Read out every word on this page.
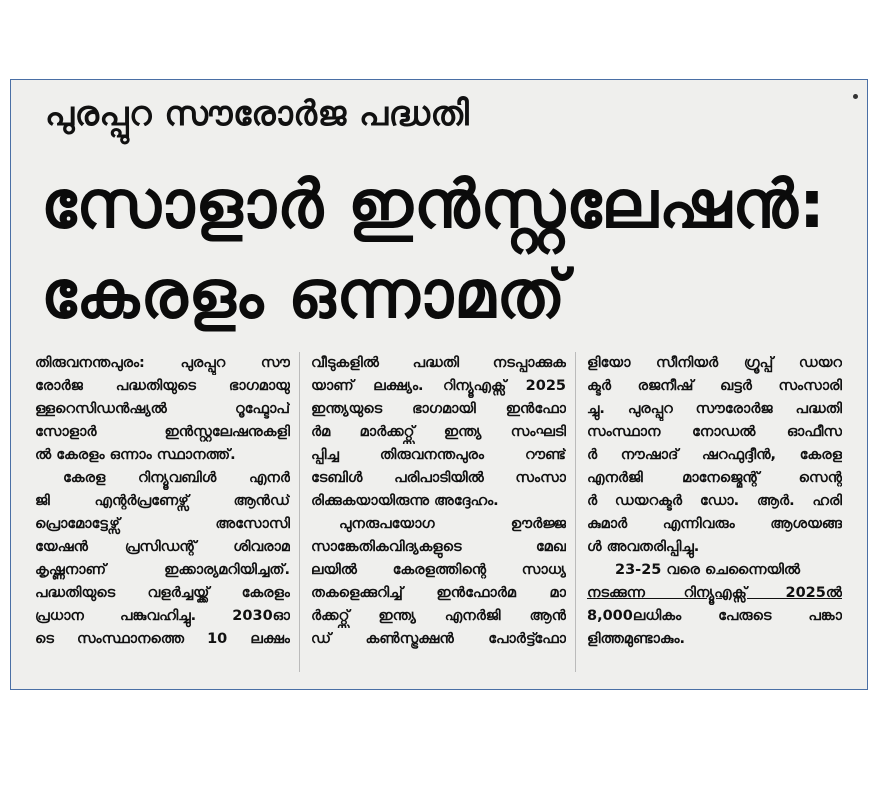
പുരപ്പുറ സൗരോർജ പദ്ധതി
സോളാർ ഇൻസ്റ്റലേഷൻ:
കേരളം ഒന്നാമത്
തിരുവനന്തപുരം: പുരപ്പുറ സൗ
രോർജ പദ്ധതിയുടെ ഭാഗമായു
ള്ളറെസിഡൻഷ്യൽ റൂഫ്ടോപ്
സോളാർ ഇൻസ്റ്റലേഷനുകളി
ൽ കേരളം ഒന്നാം സ്ഥാനത്ത്.
കേരള റിന്യൂവബിൾ എനർ
ജി എന്റർപ്രണേഴ്സ് ആൻഡ്
പ്രൊമോട്ടേഴ്സ് അസോസി
യേഷൻ പ്രസിഡന്റ് ശിവരാമ
കൃഷ്ണനാണ് ഇക്കാര്യമറിയിച്ചത്.
പദ്ധതിയുടെ വളർച്ചയ്ക്ക് കേരളം
പ്രധാന പങ്കുവഹിച്ചു. 2030ഓ
ടെ സംസ്ഥാനത്തെ 10 ലക്ഷം
വീടുകളിൽ പദ്ധതി നടപ്പാക്കുക
യാണ് ലക്ഷ്യം. റിന്യൂഎക്സ് 2025
ഇന്ത്യയുടെ ഭാഗമായി ഇൻഫോ
ർമ മാർക്കറ്റ്സ് ഇന്ത്യ സംഘടി
പ്പിച്ച തിരുവനന്തപുരം റൗണ്ട്
ടേബിൾ പരിപാടിയിൽ സംസാ
രിക്കുകയായിരുന്നു അദ്ദേഹം.
പുനരുപയോഗ ഊർജ്ജ
സാങ്കേതികവിദ്യകളുടെ മേഖ
ലയിൽ കേരളത്തിന്റെ സാധ്യ
തകളെക്കുറിച്ച് ഇൻഫോർമ മാ
ർക്കറ്റ്സ് ഇന്ത്യ എനർജി ആൻ
ഡ് കൺസ്ട്രക്ഷൻ പോർട്ട്ഫോ
ളിയോ സീനിയർ ഗ്രൂപ്പ് ഡയറ
ക്ടർ രജനീഷ് ഖട്ടർ സംസാരി
ച്ചു. പുരപ്പുറ സൗരോർജ പദ്ധതി
സംസ്ഥാന നോഡൽ ഓഫീസ
ർ നൗഷാദ് ഷറഫുദ്ദീൻ, കേരള
എനർജി മാനേജ്മെന്റ് സെന്റ
ർ ഡയറക്ടർ ഡോ. ആർ. ഹരി
കുമാർ എന്നിവരും ആശയങ്ങ
ൾ അവതരിപ്പിച്ചു.
23-25 വരെ ചെന്നൈയിൽ
നടക്കുന്ന റിന്യൂഎക്സ് 2025ൽ
8,000ലധികം പേരുടെ പങ്കാ
ളിത്തമുണ്ടാകും.
